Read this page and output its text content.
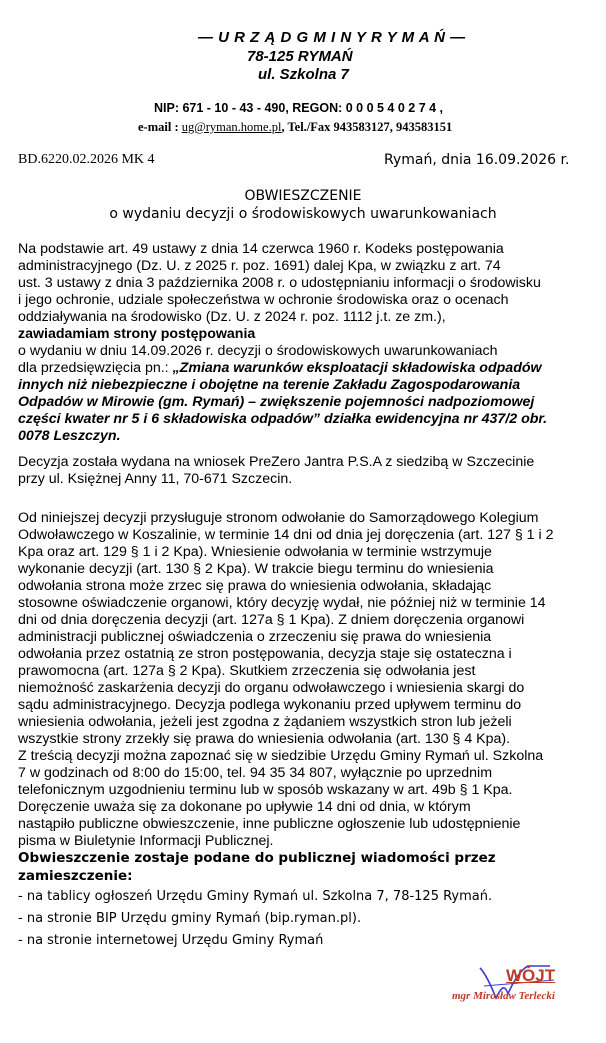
— U R Z Ą D G M I N Y R Y M A Ń —
78-125 RYMAŃ
ul. Szkolna 7
NIP: 671 - 10 - 43 - 490, REGON: 0 0 0 5 4 0 2 7 4 ,
e-mail : ug@ryman.home.pl, Tel./Fax 943583127, 943583151
BD.6220.02.2026 MK 4	Rymań, dnia 16.09.2026 r.
OBWIESZCZENIE
o wydaniu decyzji o środowiskowych uwarunkowaniach
Na podstawie art. 49 ustawy z dnia 14 czerwca 1960 r. Kodeks postępowania
administracyjnego (Dz. U. z 2025 r. poz. 1691) dalej Kpa, w związku z art. 74
ust. 3 ustawy z dnia 3 października 2008 r. o udostępnianiu informacji o środowisku
i jego ochronie, udziale społeczeństwa w ochronie środowiska oraz o ocenach
oddziaływania na środowisko (Dz. U. z 2024 r. poz. 1112 j.t. ze zm.),
zawiadamiam strony postępowania
o wydaniu w dniu 14.09.2026 r. decyzji o środowiskowych uwarunkowaniach
dla przedsięwzięcia pn.: „Zmiana warunków eksploatacji składowiska odpadów
innych niż niebezpieczne i obojętne na terenie Zakładu Zagospodarowania
Odpadów w Mirowie (gm. Rymań) – zwiększenie pojemności nadpoziomowej
części kwater nr 5 i 6 składowiska odpadów” działka ewidencyjna nr 437/2 obr.
0078 Leszczyn.
Decyzja została wydana na wniosek PreZero Jantra P.S.A z siedzibą w Szczecinie
przy ul. Księżnej Anny 11, 70-671 Szczecin.
Od niniejszej decyzji przysługuje stronom odwołanie do Samorządowego Kolegium
Odwoławczego w Koszalinie, w terminie 14 dni od dnia jej doręczenia (art. 127 § 1 i 2
Kpa oraz art. 129 § 1 i 2 Kpa). Wniesienie odwołania w terminie wstrzymuje
wykonanie decyzji (art. 130 § 2 Kpa). W trakcie biegu terminu do wniesienia
odwołania strona może zrzec się prawa do wniesienia odwołania, składając
stosowne oświadczenie organowi, który decyzję wydał, nie później niż w terminie 14
dni od dnia doręczenia decyzji (art. 127a § 1 Kpa). Z dniem doręczenia organowi
administracji publicznej oświadczenia o zrzeczeniu się prawa do wniesienia
odwołania przez ostatnią ze stron postępowania, decyzja staje się ostateczna i
prawomocna (art. 127a § 2 Kpa). Skutkiem zrzeczenia się odwołania jest
niemożność zaskarżenia decyzji do organu odwoławczego i wniesienia skargi do
sądu administracyjnego. Decyzja podlega wykonaniu przed upływem terminu do
wniesienia odwołania, jeżeli jest zgodna z żądaniem wszystkich stron lub jeżeli
wszystkie strony zrzekły się prawa do wniesienia odwołania (art. 130 § 4 Kpa).
Z treścią decyzji można zapoznać się w siedzibie Urzędu Gminy Rymań ul. Szkolna
7 w godzinach od 8:00 do 15:00, tel. 94 35 34 807, wyłącznie po uprzednim
telefonicznym uzgodnieniu terminu lub w sposób wskazany w art. 49b § 1 Kpa.
Doręczenie uważa się za dokonane po upływie 14 dni od dnia, w którym
nastąpiło publiczne obwieszczenie, inne publiczne ogłoszenie lub udostępnienie
pisma w Biuletynie Informacji Publicznej.
Obwieszczenie zostaje podane do publicznej wiadomości przez
zamieszczenie:
- na tablicy ogłoszeń Urzędu Gminy Rymań ul. Szkolna 7, 78-125 Rymań.
- na stronie BIP Urzędu gminy Rymań (bip.ryman.pl).
- na stronie internetowej Urzędu Gminy Rymań
WÓJT
mgr Mirosław Terlecki
